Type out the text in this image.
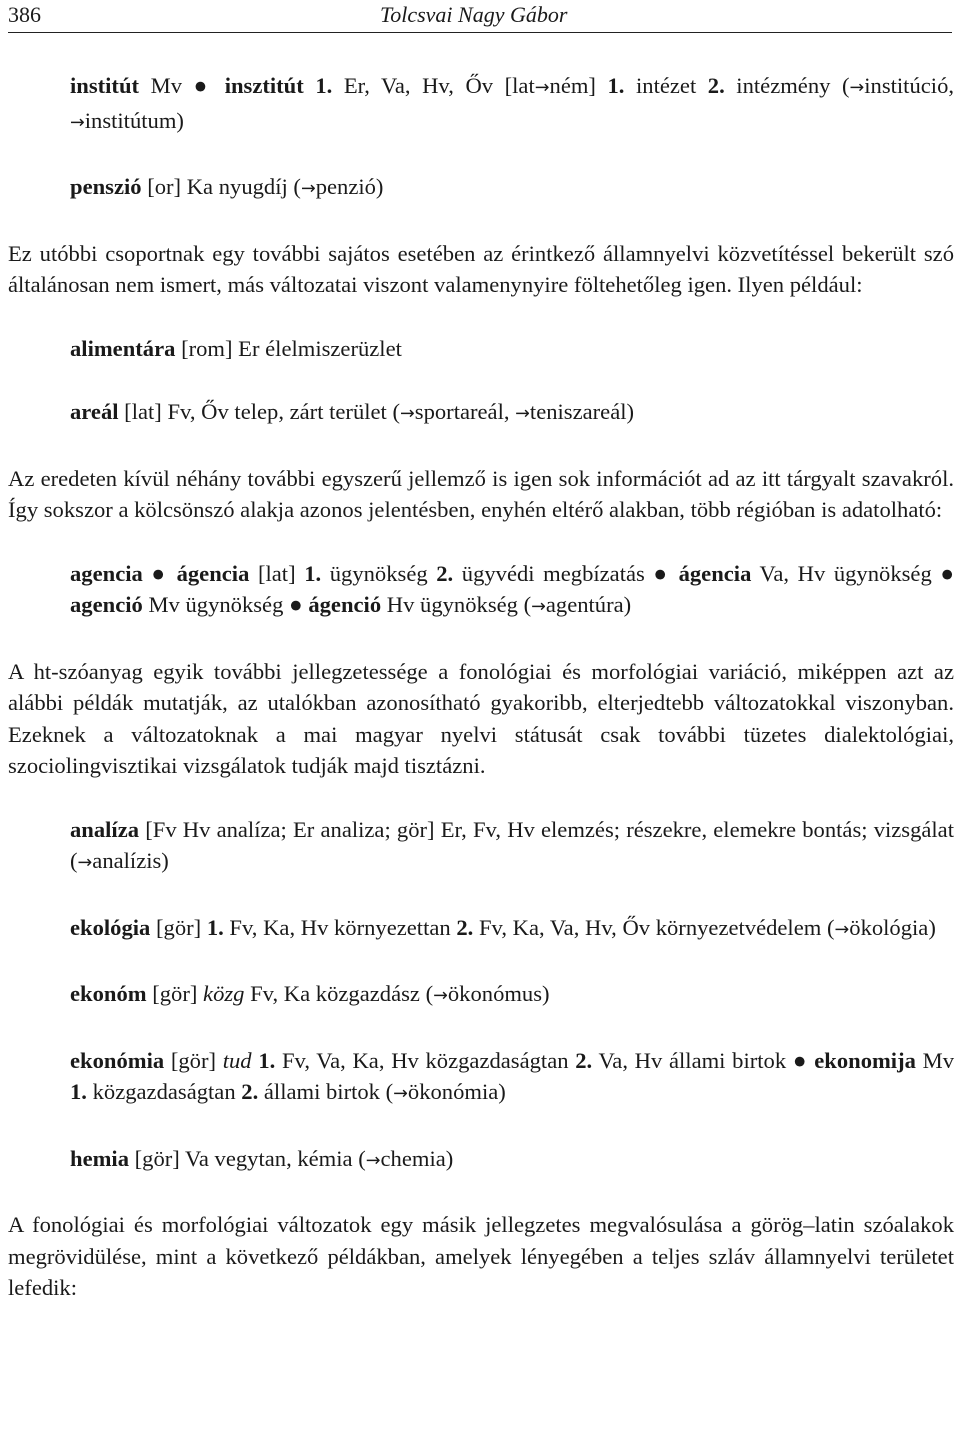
386	Tolcsvai Nagy Gábor
institút Mv ● insztitút 1. Er, Va, Hv, Őv [lat→ném] 1. intézet 2. intézmény (→institúció, →institútum)
penszió [or] Ka nyugdíj (→penzió)
Ez utóbbi csoportnak egy további sajátos esetében az érintkező államnyelvi közvetítéssel bekerült szó általánosan nem ismert, más változatai viszont valamenynyire föltehetőleg igen. Ilyen például:
alimentára [rom] Er élelmiszerüzlet
areál [lat] Fv, Őv telep, zárt terület (→sportareál, →teniszareál)
Az eredeten kívül néhány további egyszerű jellemző is igen sok információt ad az itt tárgyalt szavakról. Így sokszor a kölcsönszó alakja azonos jelentésben, enyhén eltérő alakban, több régióban is adatolható:
agencia ● ágencia [lat] 1. ügynökség 2. ügyvédi megbízatás ● ágencia Va, Hv ügynökség ● agenció Mv ügynökség ● ágenció Hv ügynökség (→agentúra)
A ht-szóanyag egyik további jellegzetessége a fonológiai és morfológiai variáció, miképpen azt az alábbi példák mutatják, az utalókban azonosítható gyakoribb, elterjedtebb változatokkal viszonyban. Ezeknek a változatoknak a mai magyar nyelvi státusát csak további tüzetes dialektológiai, szociolingvisztikai vizsgálatok tudják majd tisztázni.
analíza [Fv Hv analíza; Er analiza; gör] Er, Fv, Hv elemzés; részekre, elemekre bontás; vizsgálat (→analízis)
ekológia [gör] 1. Fv, Ka, Hv környezettan 2. Fv, Ka, Va, Hv, Őv környezetvédelem (→ökológia)
ekonóm [gör] közg Fv, Ka közgazdász (→ökonómus)
ekonómia [gör] tud 1. Fv, Va, Ka, Hv közgazdaságtan 2. Va, Hv állami birtok ● ekonomija Mv 1. közgazdaságtan 2. állami birtok (→ökonómia)
hemia [gör] Va vegytan, kémia (→chemia)
A fonológiai és morfológiai változatok egy másik jellegzetes megvalósulása a görög–latin szóalakok megrövidülése, mint a következő példákban, amelyek lényegében a teljes szláv államnyelvi területet lefedik:
